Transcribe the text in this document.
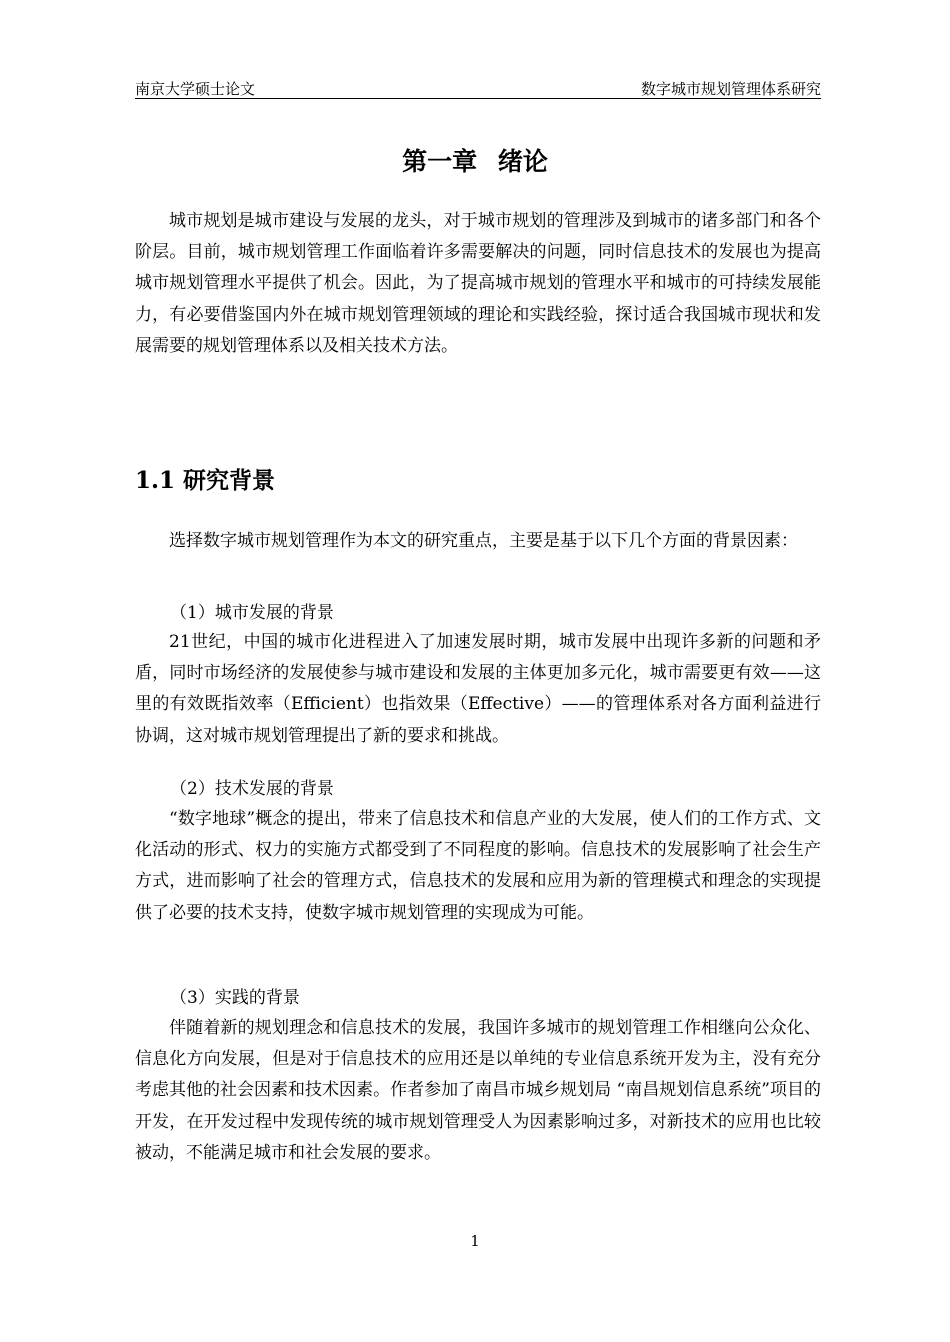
南京大学硕士论文	数字城市规划管理体系研究
第一章 绪论

城市规划是城市建设与发展的龙头，对于城市规划的管理涉及到城市的诸多部门和各个阶层。目前，城市规划管理工作面临着许多需要解决的问题，同时信息技术的发展也为提高城市规划管理水平提供了机会。因此，为了提高城市规划的管理水平和城市的可持续发展能力，有必要借鉴国内外在城市规划管理领域的理论和实践经验，探讨适合我国城市现状和发展需要的规划管理体系以及相关技术方法。

1.1 研究背景

选择数字城市规划管理作为本文的研究重点，主要是基于以下几个方面的背景因素：

（1）城市发展的背景

21世纪，中国的城市化进程进入了加速发展时期，城市发展中出现许多新的问题和矛盾，同时市场经济的发展使参与城市建设和发展的主体更加多元化，城市需要更有效——这里的有效既指效率（Efficient）也指效果（Effective）——的管理体系对各方面利益进行协调，这对城市规划管理提出了新的要求和挑战。

（2）技术发展的背景

“数字地球”概念的提出，带来了信息技术和信息产业的大发展，使人们的工作方式、文化活动的形式、权力的实施方式都受到了不同程度的影响。信息技术的发展影响了社会生产方式，进而影响了社会的管理方式，信息技术的发展和应用为新的管理模式和理念的实现提供了必要的技术支持，使数字城市规划管理的实现成为可能。

（3）实践的背景

伴随着新的规划理念和信息技术的发展，我国许多城市的规划管理工作相继向公众化、信息化方向发展，但是对于信息技术的应用还是以单纯的专业信息系统开发为主，没有充分考虑其他的社会因素和技术因素。作者参加了南昌市城乡规划局 “南昌规划信息系统”项目的开发，在开发过程中发现传统的城市规划管理受人为因素影响过多，对新技术的应用也比较被动，不能满足城市和社会发展的要求。

1
